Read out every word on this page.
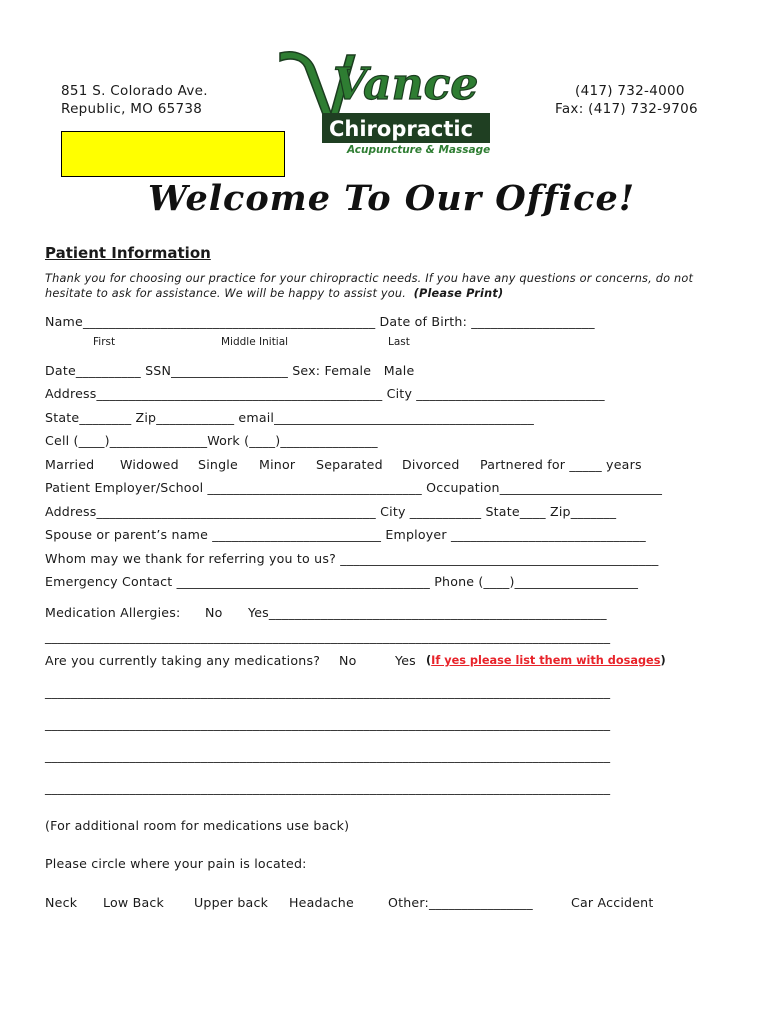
851 S. Colorado Ave.
Republic, MO 65738
(417) 732-4000
Fax: (417) 732-9706
Vance
Chiropractic
Acupuncture & Massage
Welcome To Our Office!
Patient Information
Thank you for choosing our practice for your chiropractic needs. If you have any questions or concerns, do not
hesitate to ask for assistance. We will be happy to assist you. (Please Print)
Name_____________________________________________ Date of Birth: ___________________
First	Middle Initial	Last
Date__________ SSN__________________ Sex: Female   Male
Address____________________________________________ City _____________________________
State________ Zip____________ email________________________________________
Cell (____)_______________Work (____)_______________
Married Widowed Single Minor Separated Divorced Partnered for _____ years
Patient Employer/School _________________________________ Occupation_________________________
Address___________________________________________ City ___________ State____ Zip_______
Spouse or parent’s name __________________________ Employer ______________________________
Whom may we thank for referring you to us? _________________________________________________
Emergency Contact _______________________________________ Phone (____)___________________
Medication Allergies: No Yes____________________________________________________
_______________________________________________________________________________________
Are you currently taking any medications? No	Yes (If yes please list them with dosages)
_______________________________________________________________________________________
_______________________________________________________________________________________
_______________________________________________________________________________________
_______________________________________________________________________________________
(For additional room for medications use back)
Please circle where your pain is located:
Neck Low Back Upper back Headache	Other:________________	Car Accident
